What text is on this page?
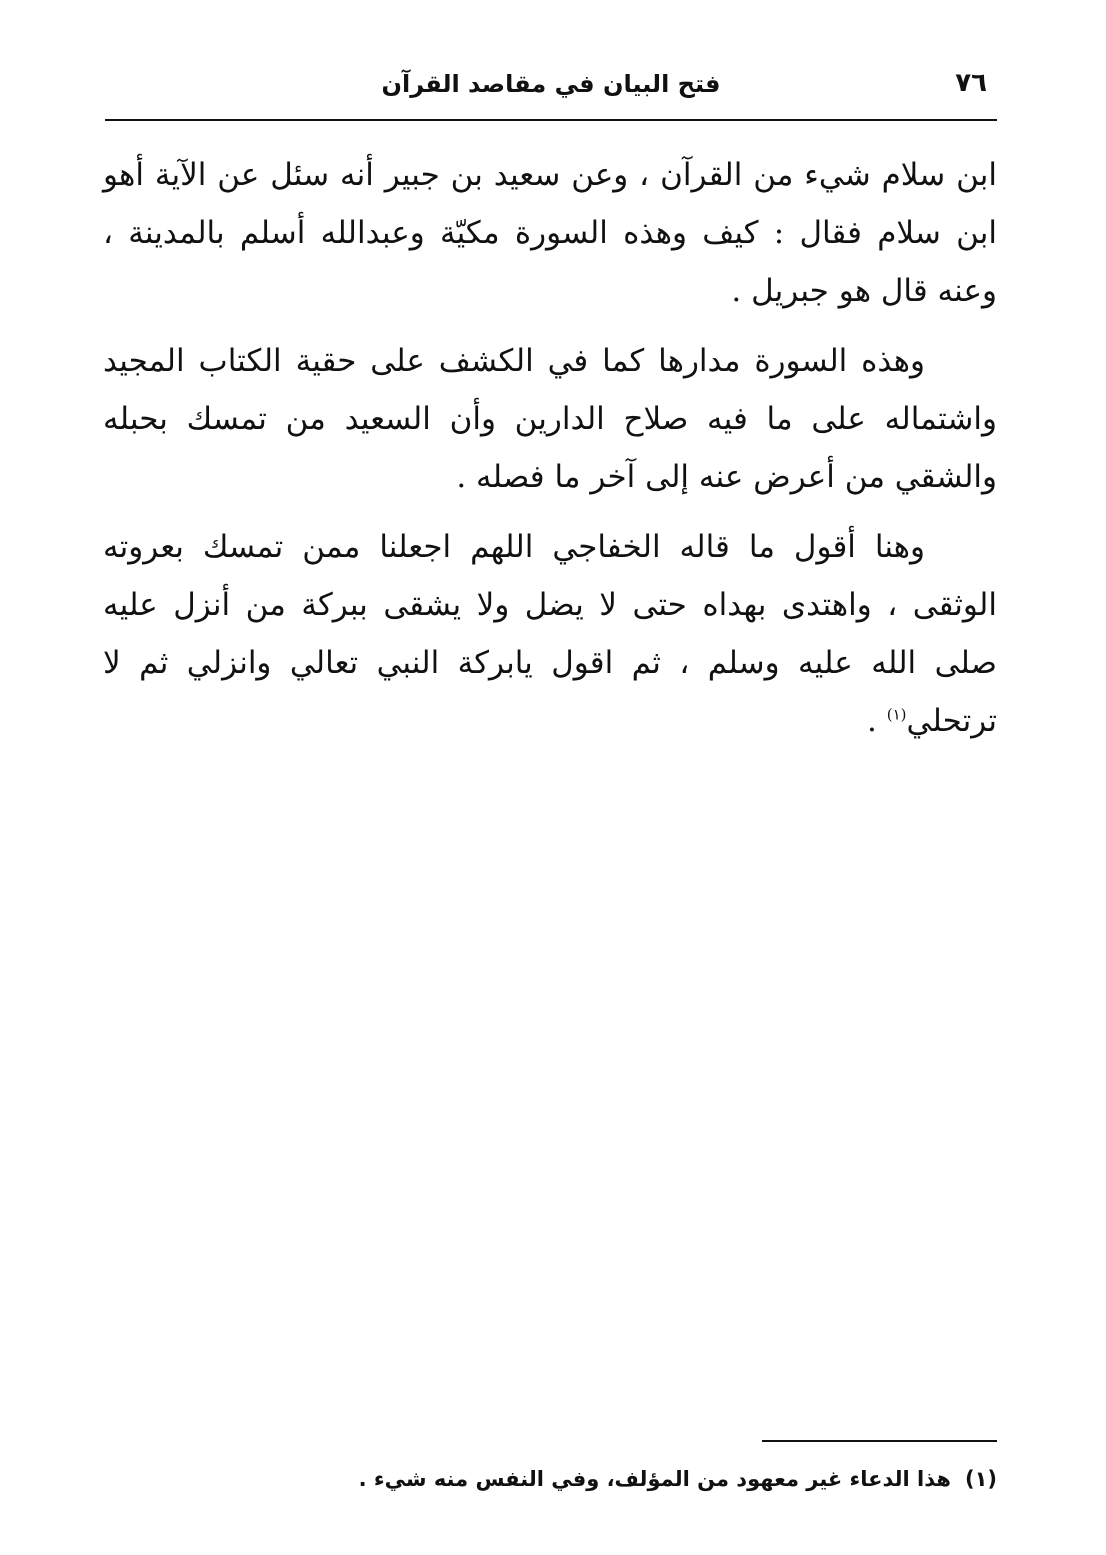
٧٦
فتح البيان في مقاصد القرآن

ابن سلام شيء من القرآن ، وعن سعيد بن جبير أنه سئل عن الآية أهو ابن سلام فقال : كيف وهذه السورة مكيّة وعبدالله أسلم بالمدينة ، وعنه قال هو جبريل .

وهذه السورة مدارها كما في الكشف على حقية الكتاب المجيد واشتماله على ما فيه صلاح الدارين وأن السعيد من تمسك بحبله والشقي من أعرض عنه إلى آخر ما فصله .

وهنا أقول ما قاله الخفاجي اللهم اجعلنا ممن تمسك بعروته الوثقى ، واهتدى بهداه حتى لا يضل ولا يشقى ببركة من أنزل عليه صلى الله عليه وسلم ، ثم اقول يابركة النبي تعالي وانزلي ثم لا ترتحلي$^{(١)}$ .

(١)هذا الدعاء غير معهود من المؤلف، وفي النفس منه شيء .
